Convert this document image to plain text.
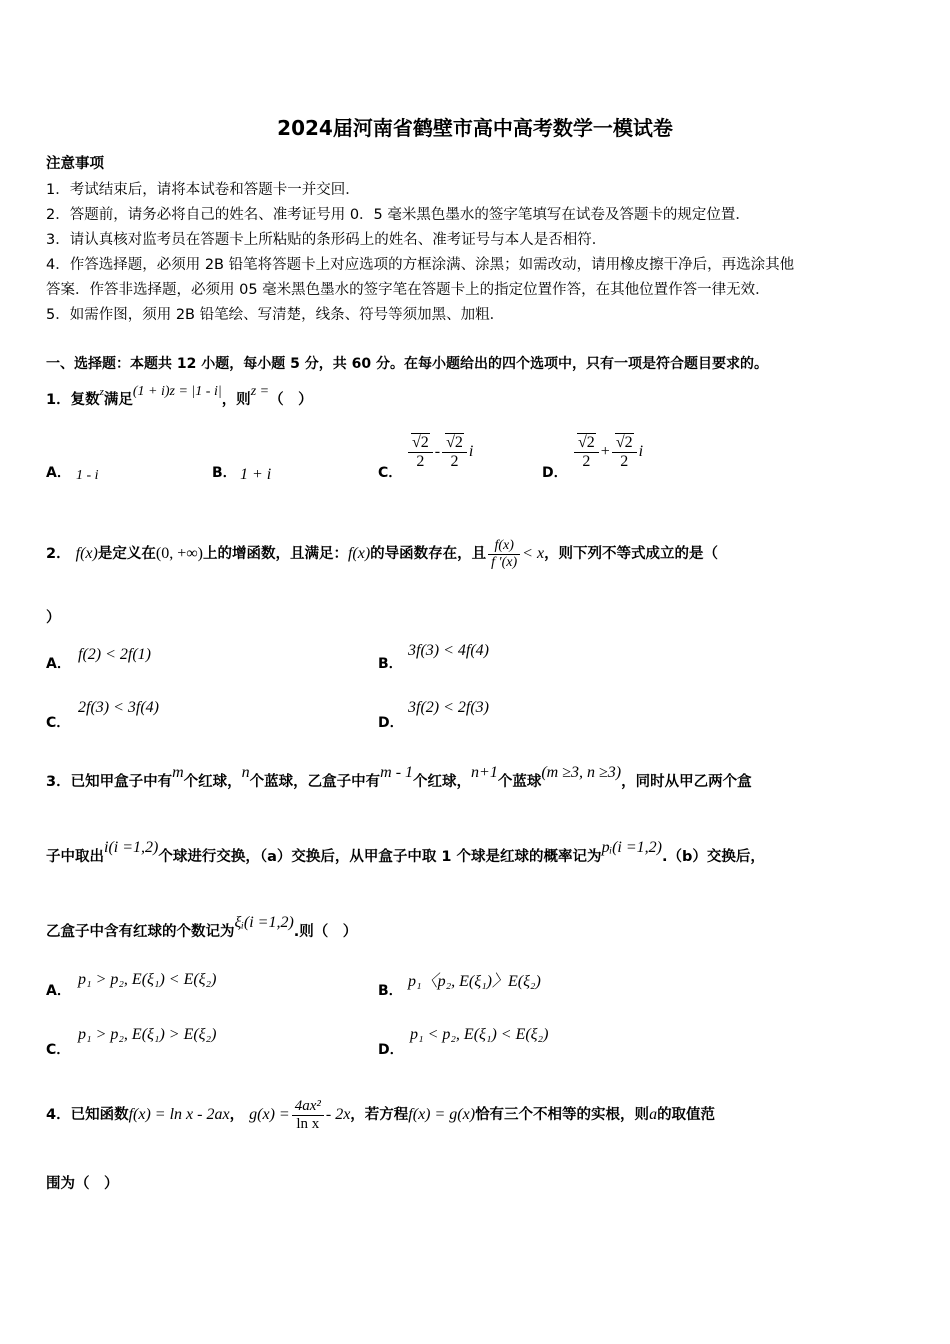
2024届河南省鹤壁市高中高考数学一模试卷
注意事项
1．考试结束后，请将本试卷和答题卡一并交回．
2．答题前，请务必将自己的姓名、准考证号用 0．5 毫米黑色墨水的签字笔填写在试卷及答题卡的规定位置．
3．请认真核对监考员在答题卡上所粘贴的条形码上的姓名、准考证号与本人是否相符．
4．作答选择题，必须用 2B 铅笔将答题卡上对应选项的方框涂满、涂黑；如需改动，请用橡皮擦干净后，再选涂其他
答案．作答非选择题，必须用 05 毫米黑色墨水的签字笔在答题卡上的指定位置作答，在其他位置作答一律无效．
5．如需作图，须用 2B 铅笔绘、写清楚，线条、符号等须加黑、加粗．
一、选择题：本题共 12 小题，每小题 5 分，共 60 分。在每小题给出的四个选项中，只有一项是符合题目要求的。
1．复数$^z$满足(1 + i)z = |1 - i|，则z =（　）
A． 1 - i	B． 1 + i	C．
$\frac{√2}{2} - \frac{√2}{2}$ i
D．
$\frac{√2}{2} + \frac{√2}{2}$ i
2． f(x)是定义在(0, +∞)上的增函数，且满足：f(x)的导函数存在，且 $\frac{f(x)}{f '(x)} < x$，则下列不等式成立的是（
）
A．
f(2) < 2f(1)
B．
3f(3) < 4f(4)
C．
2f(3) < 3f(4)
D．
3f(2) < 2f(3)
3．已知甲盒子中有m个红球，n个蓝球，乙盒子中有m - 1个红球，n+1个蓝球(m ≥3, n ≥3)，同时从甲乙两个盒
子中取出i(i =1,2)个球进行交换，（a）交换后，从甲盒子中取 1 个球是红球的概率记为pᵢ(i =1,2).（b）交换后，
乙盒子中含有红球的个数记为ξᵢ(i =1,2).则（　）
A．
p₁ > p₂, E(ξ₁) < E(ξ₂)
B．
p₁〈p₂, E(ξ₁)〉E(ξ₂)
C．
p₁ > p₂, E(ξ₁) > E(ξ₂)
D．
p₁ < p₂, E(ξ₁) < E(ξ₂)
4．已知函数f(x) = ln x - 2ax， $g(x) = \frac{\text{4ax²}}{\text{ln x}} - 2x$，若方程f(x) = g(x)恰有三个不相等的实根，则a的取值范
围为（　）
